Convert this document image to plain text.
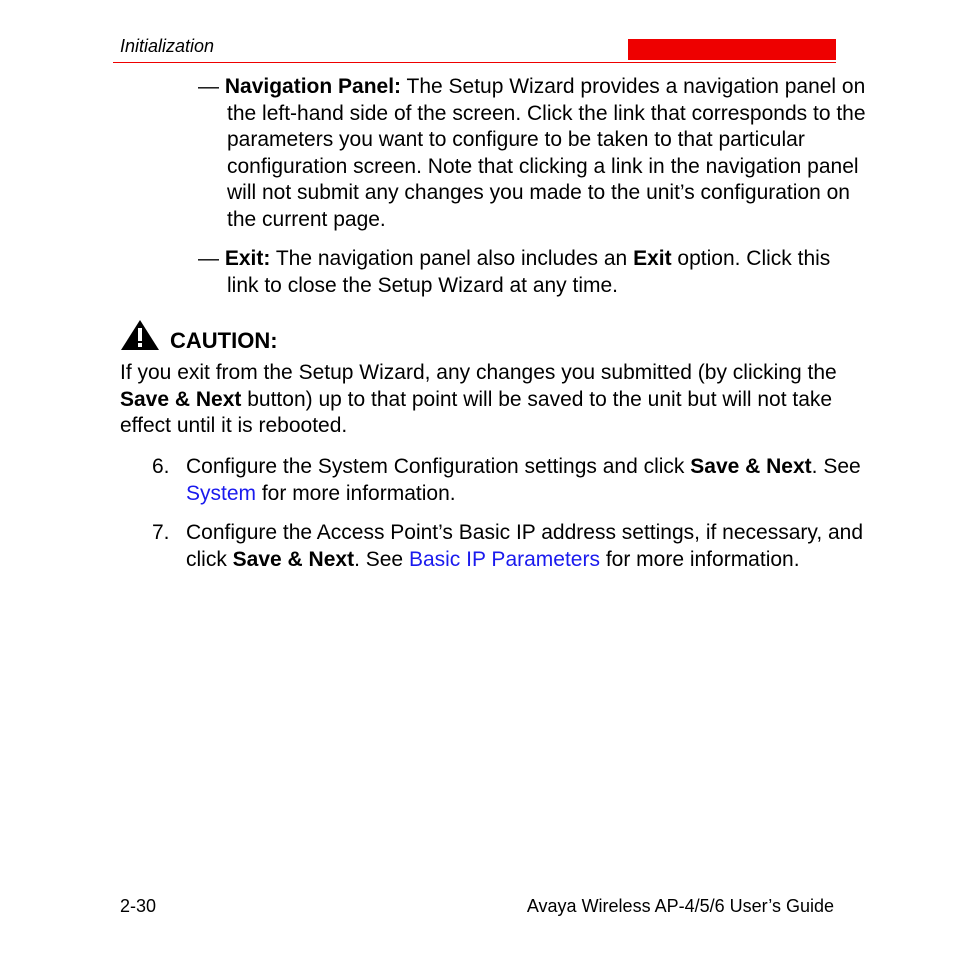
Initialization
— Navigation Panel: The Setup Wizard provides a navigation panel on the left-hand side of the screen. Click the link that corresponds to the parameters you want to configure to be taken to that particular configuration screen. Note that clicking a link in the navigation panel will not submit any changes you made to the unit’s configuration on the current page.
— Exit: The navigation panel also includes an Exit option. Click this link to close the Setup Wizard at any time.
CAUTION:
If you exit from the Setup Wizard, any changes you submitted (by clicking the Save & Next button) up to that point will be saved to the unit but will not take effect until it is rebooted.
6. Configure the System Configuration settings and click Save & Next. See System for more information.
7. Configure the Access Point’s Basic IP address settings, if necessary, and click Save & Next. See Basic IP Parameters for more information.
2-30	Avaya Wireless AP-4/5/6 User’s Guide
